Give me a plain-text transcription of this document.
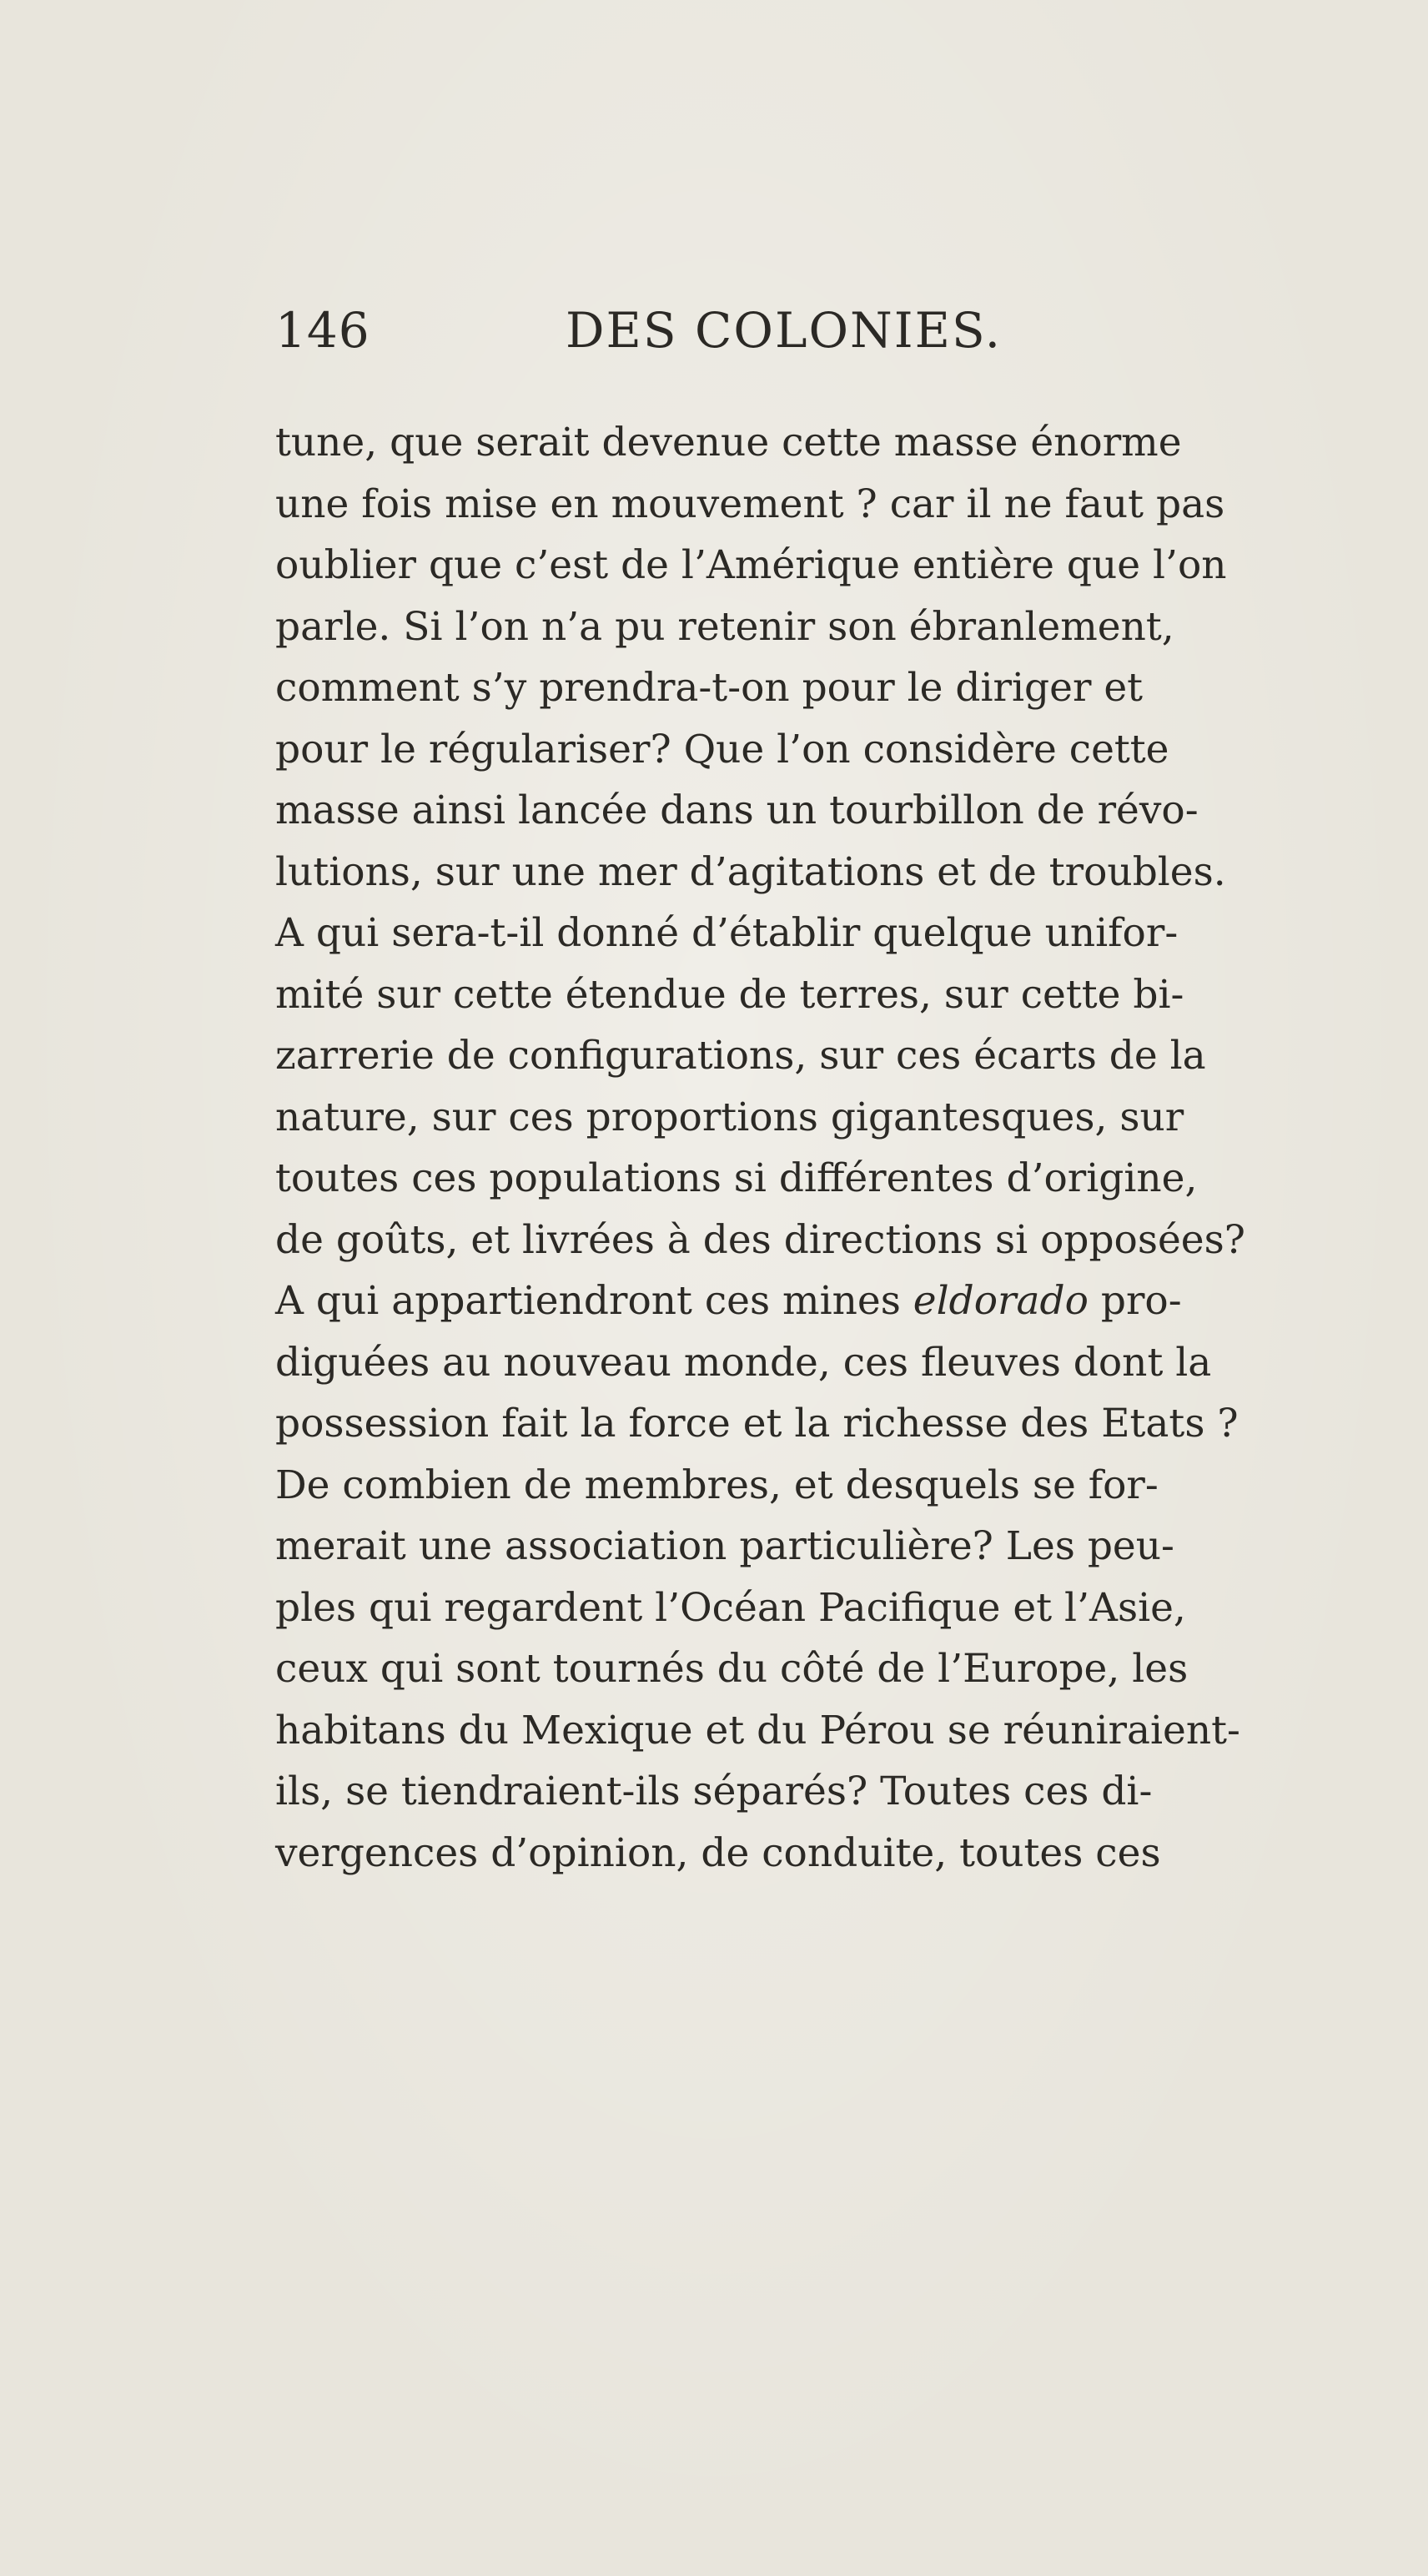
146	DES COLONIES.
tune, que serait devenue cette masse énorme
une fois mise en mouvement ? car il ne faut pas
oublier que c’est de l’Amérique entière que l’on
parle. Si l’on n’a pu retenir son ébranlement,
comment s’y prendra-t-on pour le diriger et
pour le régulariser? Que l’on considère cette
masse ainsi lancée dans un tourbillon de révo-
lutions, sur une mer d’agitations et de troubles.
A qui sera-t-il donné d’établir quelque unifor-
mité sur cette étendue de terres, sur cette bi-
zarrerie de configurations, sur ces écarts de la
nature, sur ces proportions gigantesques, sur
toutes ces populations si différentes d’origine,
de goûts, et livrées à des directions si opposées?
A qui appartiendront ces mines eldorado pro-
diguées au nouveau monde, ces fleuves dont la
possession fait la force et la richesse des Etats ?
De combien de membres, et desquels se for-
merait une association particulière? Les peu-
ples qui regardent l’Océan Pacifique et l’Asie,
ceux qui sont tournés du côté de l’Europe, les
habitans du Mexique et du Pérou se réuniraient-
ils, se tiendraient-ils séparés? Toutes ces di-
vergences d’opinion, de conduite, toutes ces
